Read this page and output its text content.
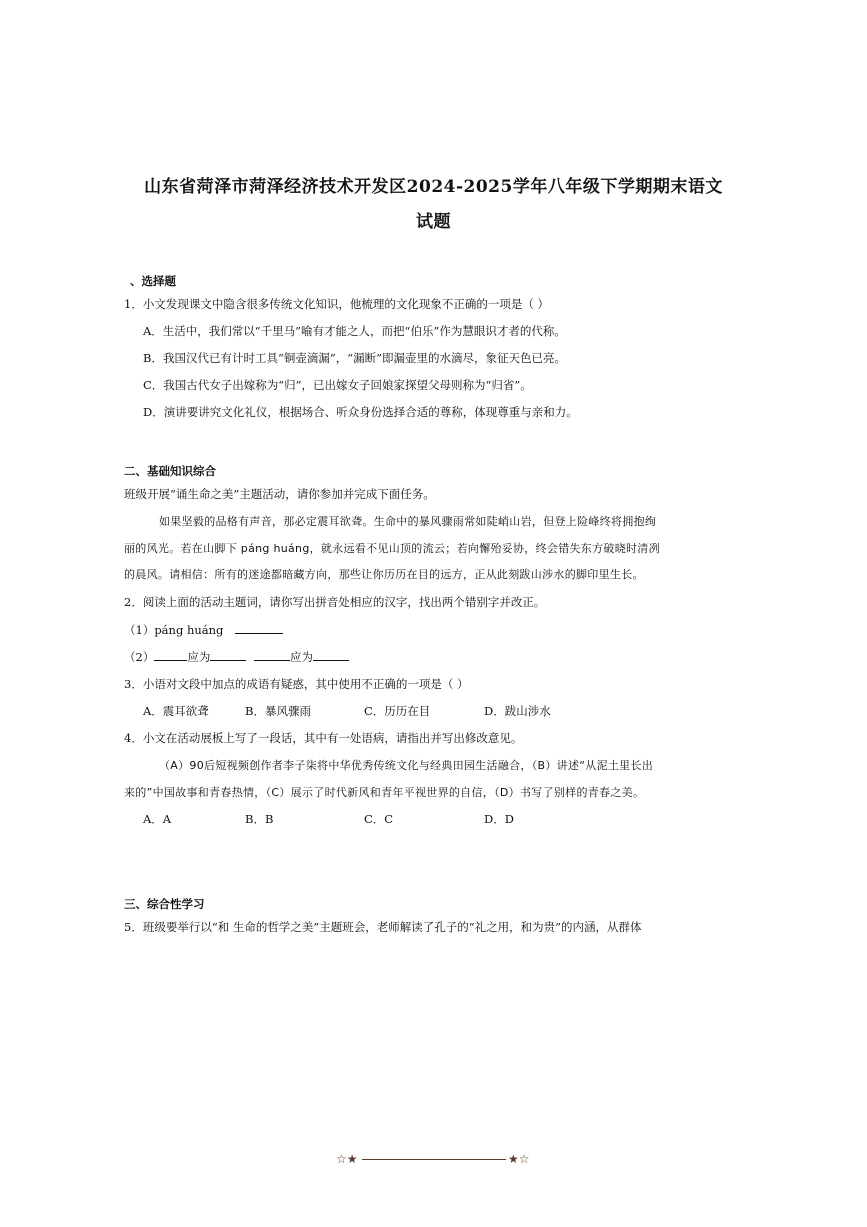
山东省菏泽市菏泽经济技术开发区2024-2025学年八年级下学期期末语文
试题
、选择题
1．小文发现课文中隐含很多传统文化知识，他梳理的文化现象不正确的一项是（ ）
A．生活中，我们常以“千里马”喻有才能之人，而把“伯乐”作为慧眼识才者的代称。
B．我国汉代已有计时工具“铜壶滴漏”，“漏断”即漏壶里的水滴尽，象征天色已亮。
C．我国古代女子出嫁称为“归”，已出嫁女子回娘家探望父母则称为“归省”。
D．演讲要讲究文化礼仪，根据场合、听众身份选择合适的尊称，体现尊重与亲和力。
二、基础知识综合
班级开展“诵生命之美”主题活动，请你参加并完成下面任务。
如果坚毅的品格有声音，那必定震耳欲聋。生命中的暴风骤雨常如陡峭山岩，但登上险峰终将拥抱绚
丽的风光。若在山脚下 páng huáng，就永远看不见山顶的流云；若向懈殆妥协，终会错失东方破晓时清冽
的晨风。请相信：所有的迷途都暗藏方向，那些让你历历在目的远方，正从此刻跋山涉水的脚印里生长。
2．阅读上面的活动主题词，请你写出拼音处相应的汉字，找出两个错别字并改正。
（1）páng huáng
（2）	应为	应为
3．小语对文段中加点的成语有疑惑，其中使用不正确的一项是（ ）
A．震耳欲聋	B．暴风骤雨	C．历历在目	D．跋山涉水
4．小文在活动展板上写了一段话，其中有一处语病，请指出并写出修改意见。
（A）90后短视频创作者李子柒将中华优秀传统文化与经典田园生活融合，（B）讲述“从泥土里长出
来的”中国故事和青春热情，（C）展示了时代新风和青年平视世界的自信，（D）书写了别样的青春之美。
A．A	B．B	C．C	D．D
三、综合性学习
5．班级要举行以“和 生命的哲学之美”主题班会，老师解读了孔子的“礼之用，和为贵”的内涵，从群体
☆★	★☆
